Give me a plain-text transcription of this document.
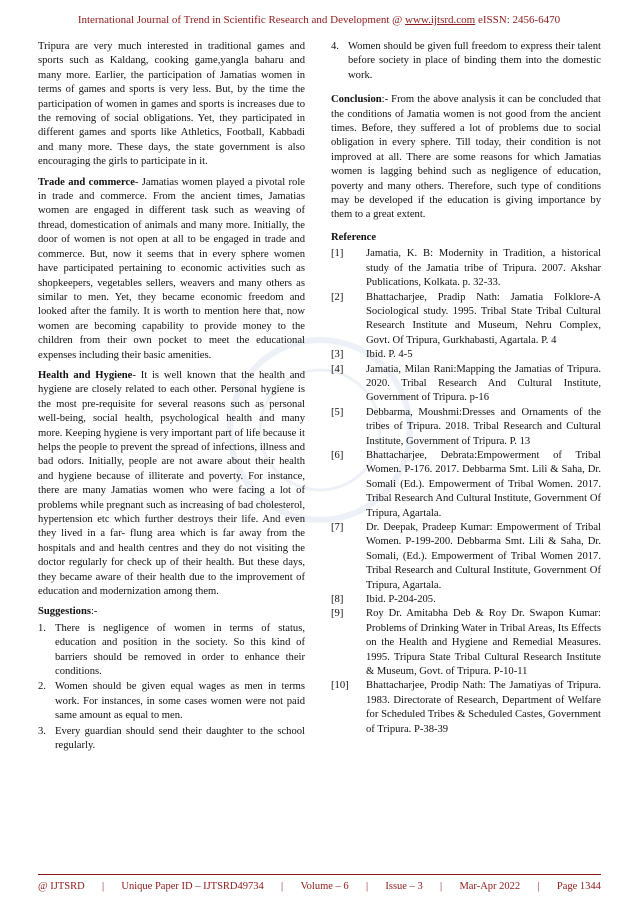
International Journal of Trend in Scientific Research and Development @ www.ijtsrd.com eISSN: 2456-6470

Tripura are very much interested in traditional games and sports such as Kaldang, cooking game,yangla baharu and many more. Earlier, the participation of Jamatias women in terms of games and sports is very less. But, by the time the participation of women in games and sports is increases due to the removing of social obligations. Yet, they participated in different games and sports like Athletics, Football, Kabbadi and many more. These days, the state government is also encouraging the girls to participate in it.

Trade and commerce- Jamatias women played a pivotal role in trade and commerce. From the ancient times, Jamatias women are engaged in different task such as weaving of thread, domestication of animals and many more. Initially, the door of women is not open at all to be engaged in trade and commerce. But, now it seems that in every sphere women have participated pertaining to economic activities such as shopkeepers, vegetables sellers, weavers and many others as similar to men. Yet, they became economic freedom and looked after the family. It is worth to mention here that, now women are becoming capability to provide money to the children from their own pocket to meet the educational expenses including their basic amenities.

Health and Hygiene- It is well known that the health and hygiene are closely related to each other. Personal hygiene is the most pre-requisite for several reasons such as personal well-being, social health, psychological health and many more. Keeping hygiene is very important part of life because it helps the people to prevent the spread of infections, illness and bad odors. Initially, people are not aware about their health and hygiene because of illiterate and poverty. For instance, there are many Jamatias women who were facing a lot of problems while pregnant such as increasing of bad cholesterol, hypertension etc which further destroys their life. And even they lived in a far- flung area which is far away from the hospitals and and health centres and they do not visiting the doctor regularly for check up of their health. But these days, they became aware of their health due to the improvement of education and modernization among them.

Suggestions:-
1. There is negligence of women in terms of status, education and position in the society. So this kind of barriers should be removed in order to enhance their conditions.
2. Women should be given equal wages as men in terms work. For instances, in some cases women were not paid same amount as equal to men.
3. Every guardian should send their daughter to the school regularly.
4. Women should be given full freedom to express their talent before society in place of binding them into the domestic work.

Conclusion:- From the above analysis it can be concluded that the conditions of Jamatia women is not good from the ancient times. Before, they suffered a lot of problems due to social obligation in every sphere. Till today, their condition is not improved at all. There are some reasons for which Jamatias women is lagging behind such as negligence of education, poverty and many others. Therefore, such type of conditions may be developed if the education is giving importance by them to a great extent.

Reference
[1]	Jamatia, K. B: Modernity in Tradition, a historical study of the Jamatia tribe of Tripura. 2007. Akshar Publications, Kolkata. p. 32-33.
[2]	Bhattacharjee, Pradip Nath: Jamatia Folklore-A Sociological study. 1995. Tribal State Tribal Cultural Research Institute and Museum, Nehru Complex, Govt. Of Tripura, Gurkhabasti, Agartala. P. 4
[3]	Ibid. P. 4-5
[4]	Jamatia, Milan Rani:Mapping the Jamatias of Tripura. 2020. Tribal Research And Cultural Institute, Government of Tripura. p-16
[5]	Debbarma, Moushmi:Dresses and Ornaments of the tribes of Tripura. 2018. Tribal Research and Cultural Institute, Government of Tripura. P. 13
[6]	Bhattacharjee, Debrata:Empowerment of Tribal Women. P-176. 2017. Debbarma Smt. Lili & Saha, Dr. Somali (Ed.). Empowerment of Tribal Women. 2017. Tribal Research And Cultural Institute, Government Of Tripura, Agartala.
[7]	Dr. Deepak, Pradeep Kumar: Empowerment of Tribal Women. P-199-200. Debbarma Smt. Lili & Saha, Dr. Somali, (Ed.). Empowerment of Tribal Women 2017. Tribal Research and Cultural Institute, Government Of Tripura, Agartala.
[8]	Ibid. P-204-205.
[9]	Roy Dr. Amitabha Deb & Roy Dr. Swapon Kumar: Problems of Drinking Water in Tribal Areas, Its Effects on the Health and Hygiene and Remedial Measures. 1995. Tripura State Tribal Cultural Research Institute & Museum, Govt. of Tripura. P-10-11
[10]	Bhattacharjee, Prodip Nath: The Jamatiyas of Tripura. 1983. Directorate of Research, Department of Welfare for Scheduled Tribes & Scheduled Castes, Government of Tripura. P-38-39
@ IJTSRD | Unique Paper ID – IJTSRD49734 | Volume – 6 | Issue – 3 | Mar-Apr 2022 | Page 1344
